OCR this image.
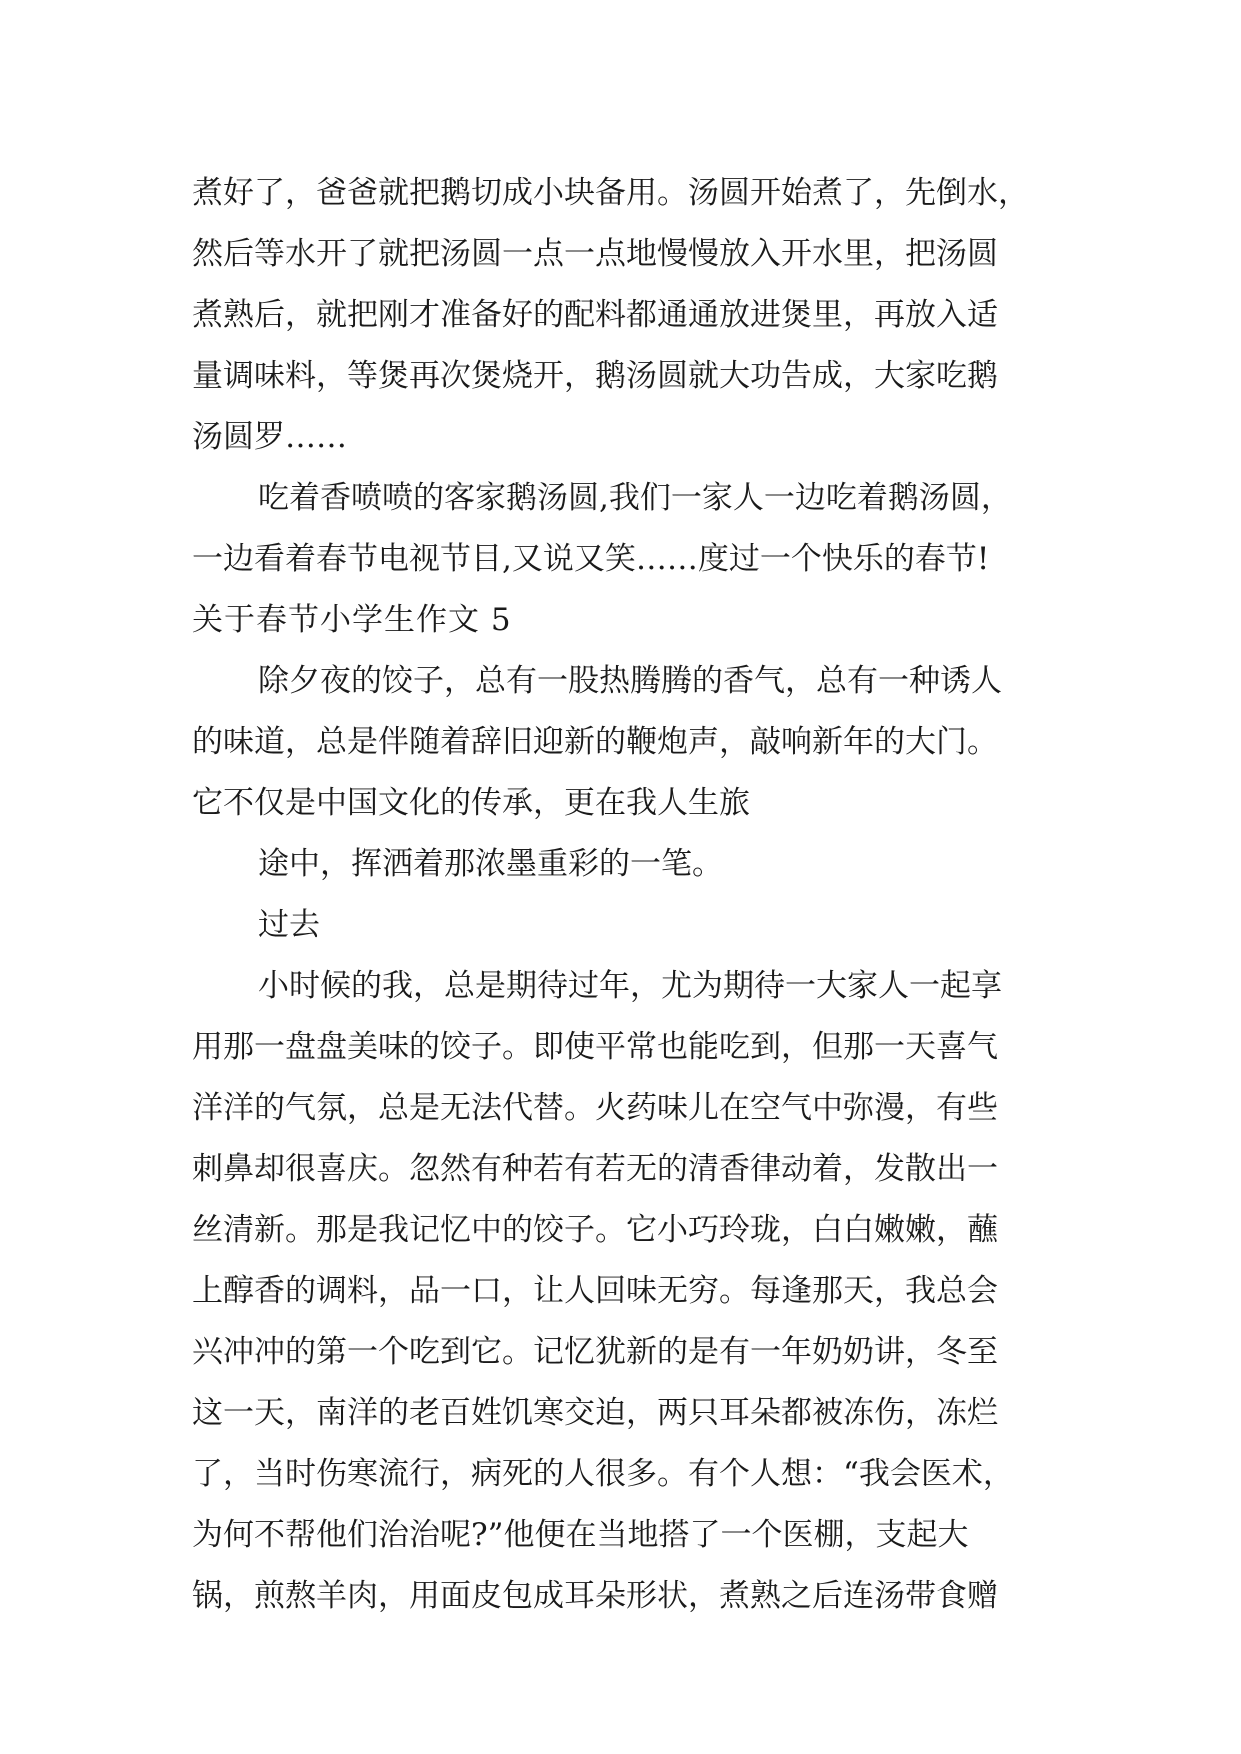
煮好了，爸爸就把鹅切成小块备用。汤圆开始煮了，先倒水，
然后等水开了就把汤圆一点一点地慢慢放入开水里，把汤圆
煮熟后，就把刚才准备好的配料都通通放进煲里，再放入适
量调味料，等煲再次煲烧开，鹅汤圆就大功告成，大家吃鹅
汤圆罗……
吃着香喷喷的客家鹅汤圆,我们一家人一边吃着鹅汤圆，
一边看着春节电视节目,又说又笑……度过一个快乐的春节!
关于春节小学生作文 5
除夕夜的饺子，总有一股热腾腾的香气，总有一种诱人
的味道，总是伴随着辞旧迎新的鞭炮声，敲响新年的大门。
它不仅是中国文化的传承，更在我人生旅
途中，挥洒着那浓墨重彩的一笔。
过去
小时候的我，总是期待过年，尤为期待一大家人一起享
用那一盘盘美味的饺子。即使平常也能吃到，但那一天喜气
洋洋的气氛，总是无法代替。火药味儿在空气中弥漫，有些
刺鼻却很喜庆。忽然有种若有若无的清香律动着，发散出一
丝清新。那是我记忆中的饺子。它小巧玲珑，白白嫩嫩，蘸
上醇香的调料，品一口，让人回味无穷。每逢那天，我总会
兴冲冲的第一个吃到它。记忆犹新的是有一年奶奶讲，冬至
这一天，南洋的老百姓饥寒交迫，两只耳朵都被冻伤，冻烂
了，当时伤寒流行，病死的人很多。有个人想：“我会医术，
为何不帮他们治治呢?”他便在当地搭了一个医棚，支起大
锅，煎熬羊肉，用面皮包成耳朵形状，煮熟之后连汤带食赠
